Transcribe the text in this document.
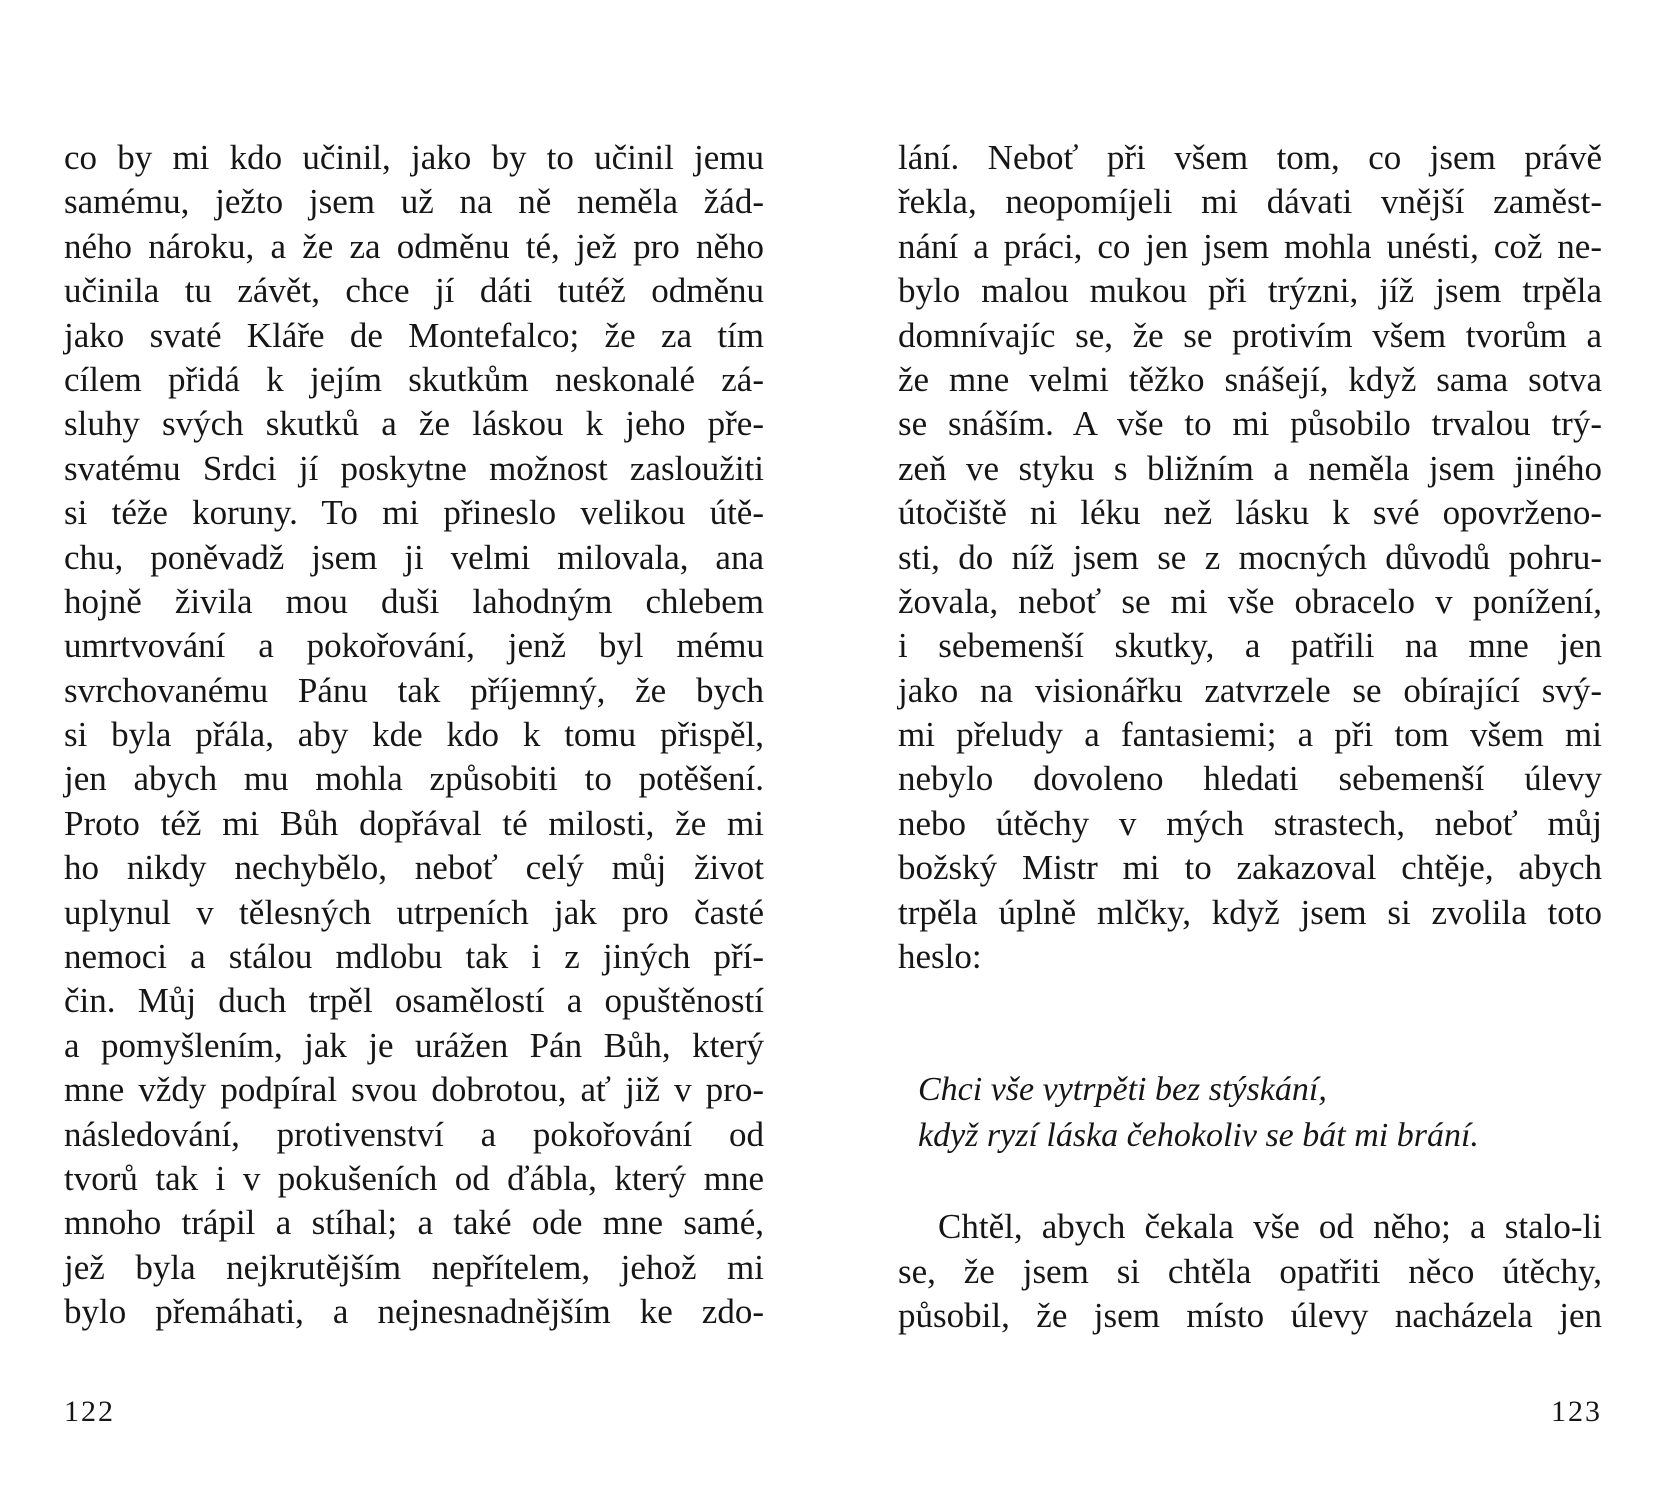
co by mi kdo učinil, jako by to učinil jemu
samému, ježto jsem už na ně neměla žád-
ného nároku, a že za odměnu té, jež pro něho
učinila tu závět, chce jí dáti tutéž odměnu
jako svaté Kláře de Montefalco; že za tím
cílem přidá k jejím skutkům neskonalé zá-
sluhy svých skutků a že láskou k jeho pře-
svatému Srdci jí poskytne možnost zasloužiti
si téže koruny. To mi přineslo velikou útě-
chu, poněvadž jsem ji velmi milovala, ana
hojně živila mou duši lahodným chlebem
umrtvování a pokořování, jenž byl mému
svrchovanému Pánu tak příjemný, že bych
si byla přála, aby kde kdo k tomu přispěl,
jen abych mu mohla způsobiti to potěšení.
Proto též mi Bůh dopřával té milosti, že mi
ho nikdy nechybělo, neboť celý můj život
uplynul v tělesných utrpeních jak pro časté
nemoci a stálou mdlobu tak i z jiných pří-
čin. Můj duch trpěl osamělostí a opuštěností
a pomyšlením, jak je urážen Pán Bůh, který
mne vždy podpíral svou dobrotou, ať již v pro-
následování, protivenství a pokořování od
tvorů tak i v pokušeních od ďábla, který mne
mnoho trápil a stíhal; a také ode mne samé,
jež byla nejkrutějším nepřítelem, jehož mi
bylo přemáhati, a nejnesnadnějším ke zdo-
lání. Neboť při všem tom, co jsem právě
řekla, neopomíjeli mi dávati vnější zaměst-
nání a práci, co jen jsem mohla unésti, což ne-
bylo malou mukou při trýzni, jíž jsem trpěla
domnívajíc se, že se protivím všem tvorům a
že mne velmi těžko snášejí, když sama sotva
se snáším. A vše to mi působilo trvalou trý-
zeň ve styku s bližním a neměla jsem jiného
útočiště ni léku než lásku k své opovrženo-
sti, do níž jsem se z mocných důvodů pohru-
žovala, neboť se mi vše obracelo v ponížení,
i sebemenší skutky, a patřili na mne jen
jako na visionářku zatvrzele se obírající svý-
mi přeludy a fantasiemi; a při tom všem mi
nebylo dovoleno hledati sebemenší úlevy
nebo útěchy v mých strastech, neboť můj
božský Mistr mi to zakazoval chtěje, abych
trpěla úplně mlčky, když jsem si zvolila toto
heslo:
Chci vše vytrpěti bez stýskání,
když ryzí láska čehokoliv se bát mi brání.
Chtěl, abych čekala vše od něho; a stalo-li
se, že jsem si chtěla opatřiti něco útěchy,
působil, že jsem místo úlevy nacházela jen
122	123
